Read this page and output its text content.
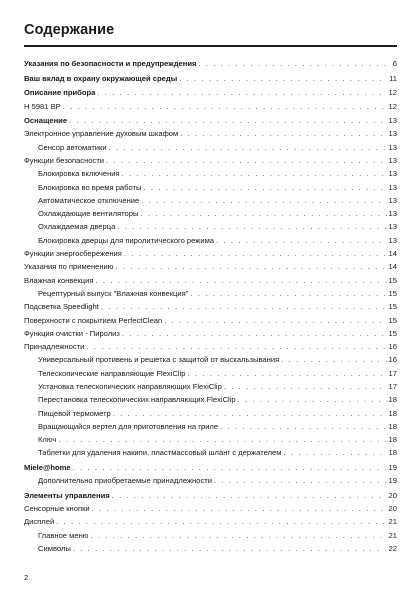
Содержание
Указания по безопасности и предупреждения . . .	6
Ваш вклад в охрану окружающей среды . . .	11
Описание прибора . . .	12
H 5981 BP . . .	12
Оснащение . . .	13
Электронное управление духовым шкафом . . .	13
Сенсор автоматики . . .	13
Функции безопасности . . .	13
Блокировка включения . . .	13
Блокировка во время работы . . .	13
Автоматическое отключение . . .	13
Охлаждающие вентиляторы . . .	13
Охлаждаемая дверца . . .	13
Блокировка дверцы для пиролитического режима . . .	13
Функции энергосбережения . . .	14
Указания по применению . . .	14
Влажная конвекция . . .	15
Рецептурный выпуск "Влажная конвекция" . . .	15
Подсветка Speedlight . . .	15
Поверхности с покрытием PerfectClean . . .	15
Функция очистки - Пиролиз . . .	15
Принадлежности . . .	16
Универсальный противень и решетка с защитой от выскальзывания . . .	16
Телескопические направляющие FlexiClip . . .	17
Установка телескопических направляющих FlexiClip . . .	17
Перестановка телескопических направляющих FlexiClip . . .	18
Пищевой термометр . . .	18
Вращающийся вертел для приготовления на гриле . . .	18
Ключ . . .	18
Таблетки для удаления накипи, пластмассовый шланг с держателем . . .	18
Miele@home . . .	19
Дополнительно приобретаемые принадлежности . . .	19
Элементы управления . . .	20
Сенсорные кнопки . . .	20
Дисплей . . .	21
Главное меню . . .	21
Символы . . .	22
2
